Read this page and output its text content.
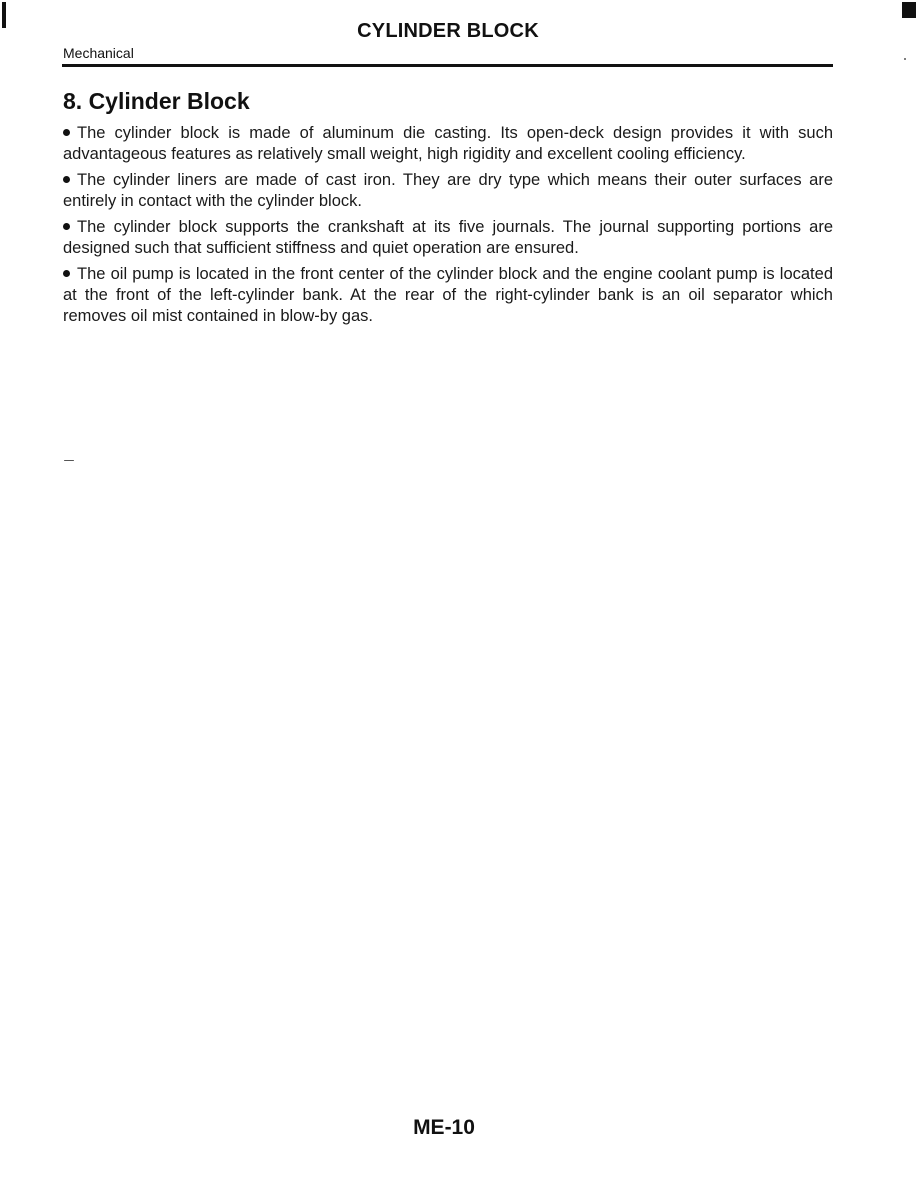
CYLINDER BLOCK
Mechanical
8. Cylinder Block
The cylinder block is made of aluminum die casting. Its open-deck design provides it with such advantageous features as relatively small weight, high rigidity and excellent cooling efficiency.
The cylinder liners are made of cast iron. They are dry type which means their outer surfaces are entirely in contact with the cylinder block.
The cylinder block supports the crankshaft at its five journals. The journal supporting portions are designed such that sufficient stiffness and quiet operation are ensured.
The oil pump is located in the front center of the cylinder block and the engine coolant pump is located at the front of the left-cylinder bank. At the rear of the right-cylinder bank is an oil separator which removes oil mist contained in blow-by gas.
ME-10
